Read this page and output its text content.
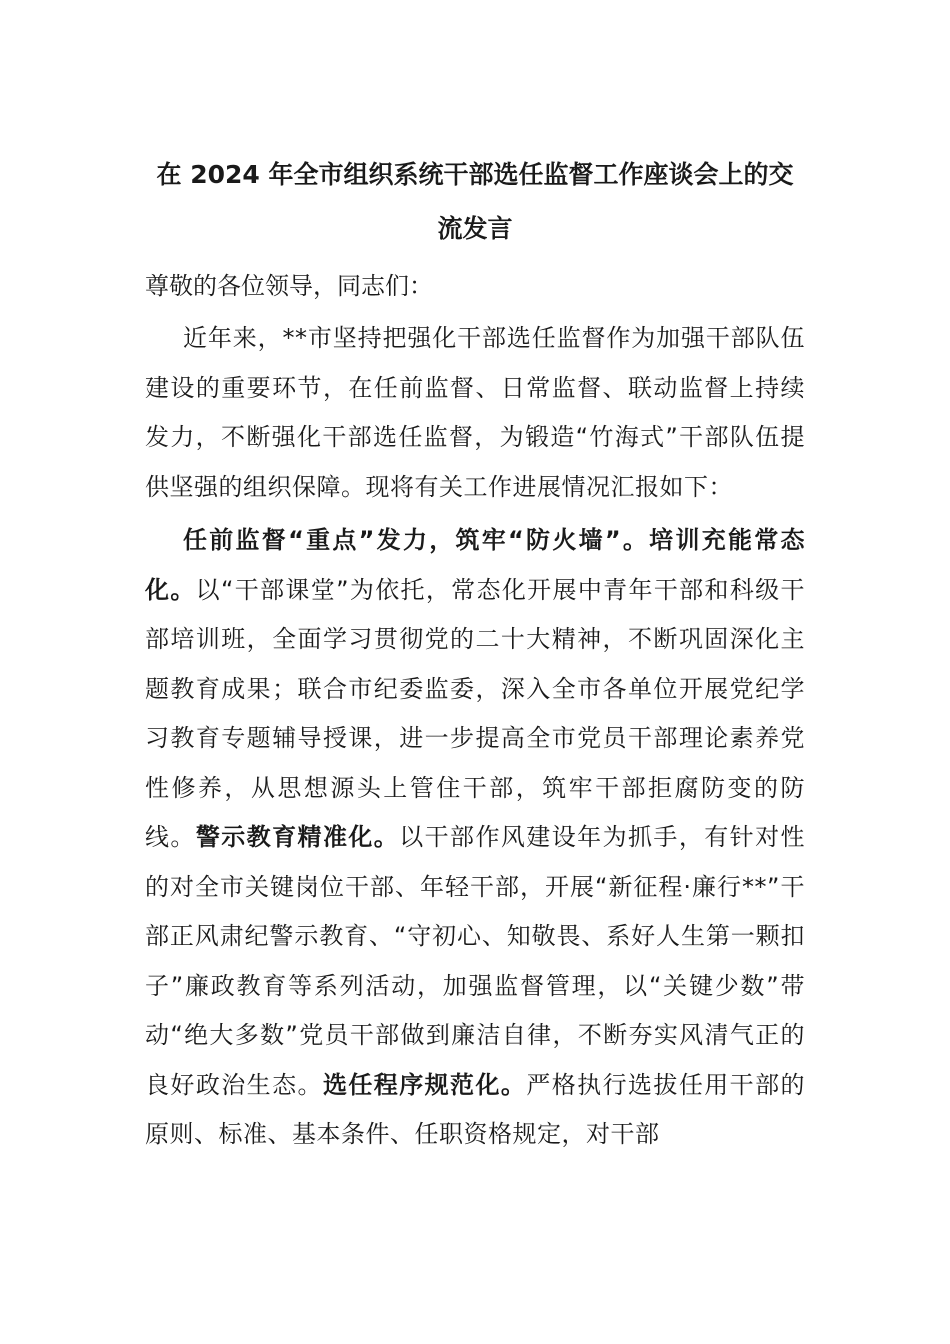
在 2024 年全市组织系统干部选任监督工作座谈会上的交
流发言

尊敬的各位领导，同志们：

近年来，**市坚持把强化干部选任监督作为加强干部队伍建设的重要环节，在任前监督、日常监督、联动监督上持续发力，不断强化干部选任监督，为锻造“竹海式”干部队伍提供坚强的组织保障。现将有关工作进展情况汇报如下：

任前监督“重点”发力，筑牢“防火墙”。培训充能常态化。以“干部课堂”为依托，常态化开展中青年干部和科级干部培训班，全面学习贯彻党的二十大精神，不断巩固深化主题教育成果；联合市纪委监委，深入全市各单位开展党纪学习教育专题辅导授课，进一步提高全市党员干部理论素养党性修养，从思想源头上管住干部，筑牢干部拒腐防变的防线。警示教育精准化。以干部作风建设年为抓手，有针对性的对全市关键岗位干部、年轻干部，开展“新征程·廉行**”干部正风肃纪警示教育、“守初心、知敬畏、系好人生第一颗扣子”廉政教育等系列活动，加强监督管理，以“关键少数”带动“绝大多数”党员干部做到廉洁自律，不断夯实风清气正的良好政治生态。选任程序规范化。严格执行选拔任用干部的原则、标准、基本条件、任职资格规定，对干部
